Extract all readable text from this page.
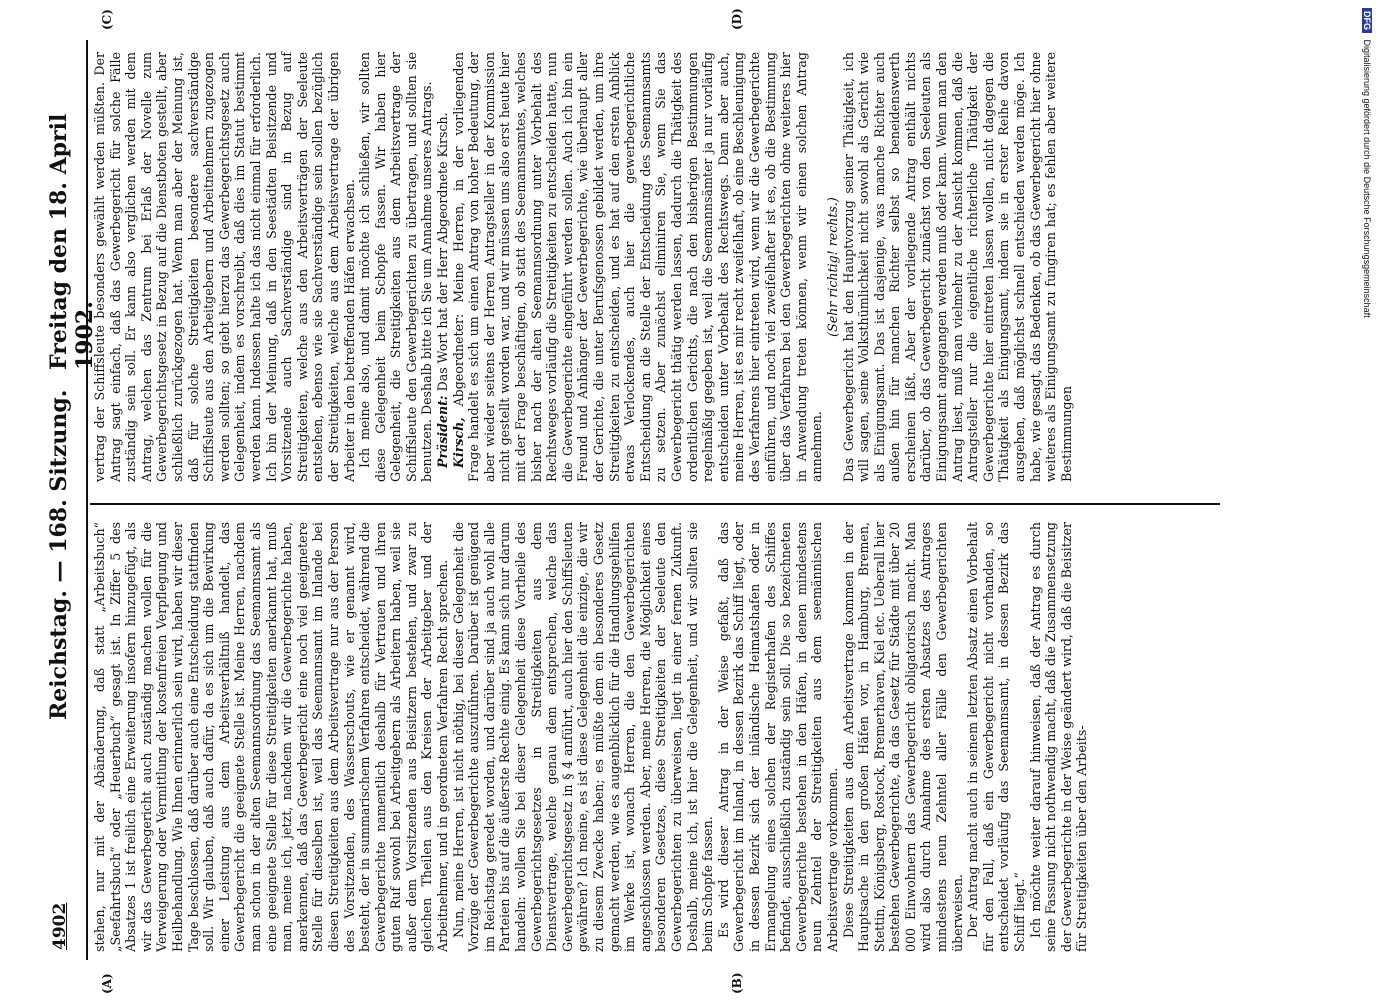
4902
Reichstag. — 168. Sitzung.
Freitag den 18. April 1902.
(A)	(B)
(C)	(D)

stehen, nur mit der Abänderung, daß statt „Arbeitsbuch“ „Seefahrtsbuch“ oder „Heuerbuch“ gesagt ist. In Ziffer 5 des Absatzes 1 ist freilich eine Erweiterung insofern hinzugefügt, als wir das Gewerbegericht auch zuständig machen wollen für die Verweigerung oder Vermittlung der kostenfreien Verpflegung und Heilbehandlung. Wie Ihnen erinnerlich sein wird, haben wir dieser Tage beschlossen, daß darüber auch eine Entscheidung stattfinden soll. Wir glauben, daß auch dafür, da es sich um die Bewirkung einer Leistung aus dem Arbeitsverhältniß handelt, das Gewerbegericht die geeignete Stelle ist. Meine Herren, nachdem man schon in der alten Seemannsordnung das Seemannsamt als eine geeignete Stelle für diese Streitigkeiten anerkannt hat, muß man, meine ich, jetzt, nachdem wir die Gewerbegerichte haben, anerkennen, daß das Gewerbegericht eine noch viel geeignetere Stelle für dieselben ist, weil das Seemannsamt im Inlande bei diesen Streitigkeiten aus dem Arbeitsvertrage nur aus der Person des Vorsitzenden, des Wasserschouts, wie er genannt wird, besteht, der in summarischem Verfahren entscheidet, während die Gewerbegerichte namentlich deshalb für Vertrauen und ihren guten Ruf sowohl bei Arbeitgebern als Arbeitern haben, weil sie außer dem Vorsitzenden aus Beisitzern bestehen, und zwar zu gleichen Theilen aus den Kreisen der Arbeitgeber und der Arbeitnehmer, und in geordnetem Verfahren Recht sprechen. Nun, meine Herren, ist nicht nöthig, bei dieser Gelegenheit die Vorzüge der Gewerbegerichte auszuführen. Darüber ist genügend im Reichstag geredet worden, und darüber sind ja auch wohl alle Parteien bis auf die äußerste Rechte einig. Es kann sich nur darum handeln: wollen Sie bei dieser Gelegenheit diese Vortheile des Gewerbegerichtsgesetzes in Streitigkeiten aus dem Dienstvertrage, welche genau dem entsprechen, welche das Gewerbegerichtsgesetz in § 4 anführt, auch hier den Schiffsleuten gewähren? Ich meine, es ist diese Gelegenheit die einzige, die wir zu diesem Zwecke haben; es müßte dem ein besonderes Gesetz gemacht werden, wie es augenblicklich für die Handlungsgehilfen im Werke ist, wonach Herren, die den Gewerbegerichten angeschlossen werden. Aber, meine Herren, die Möglichkeit eines besonderen Gesetzes, diese Streitigkeiten der Seeleute den Gewerbegerichten zu überweisen, liegt in einer fernen Zukunft. Deshalb, meine ich, ist hier die Gelegenheit, und wir sollten sie beim Schopfe fassen. Es wird dieser Antrag in der Weise gefaßt, daß das Gewerbegericht im Inland, in dessen Bezirk das Schiff liegt, oder in dessen Bezirk sich der inländische Heimatshafen oder in Ermangelung eines solchen der Registerhafen des Schiffes befindet, ausschließlich zuständig sein soll. Die so bezeichneten Gewerbegerichte bestehen in den Häfen, in denen mindestens neun Zehntel der Streitigkeiten aus dem seemännischen Arbeitsvertrage vorkommen. Diese Streitigkeiten aus dem Arbeitsvertrage kommen in der Hauptsache in den großen Häfen vor, in Hamburg, Bremen, Stettin, Königsberg, Rostock, Bremerhaven, Kiel etc. Ueberall hier bestehen Gewerbegerichte, da das Gesetz für Städte mit über 20 000 Einwohnern das Gewerbegericht obligatorisch macht. Man wird also durch Annahme des ersten Absatzes des Antrages mindestens neun Zehntel aller Fälle den Gewerbegerichten überweisen. Der Antrag macht auch in seinem letzten Absatz einen Vorbehalt für den Fall, daß ein Gewerbegericht nicht vorhanden, so entscheidet vorläufig das Seemannsamt, in dessen Bezirk das Schiff liegt.“ Ich möchte weiter darauf hinweisen, daß der Antrag es durch seine Fassung nicht nothwendig macht, daß die Zusammensetzung der Gewerbegerichte in der Weise geändert wird, daß die Beisitzer für Streitigkeiten über den Arbeits-

vertrag der Schiffsleute besonders gewählt werden müßten. Der Antrag sagt einfach, daß das Gewerbegericht für solche Fälle zuständig sein soll. Er kann also verglichen werden mit dem Antrag, welchen das Zentrum bei Erlaß der Novelle zum Gewerbegerichtsgesetz in Bezug auf die Dienstboten gestellt, aber schließlich zurückgezogen hat. Wenn man aber der Meinung ist, daß für solche Streitigkeiten besondere sachverständige Schiffsleute aus den Arbeitgebern und Arbeitnehmern zugezogen werden sollten; so giebt hierzu das Gewerbegerichtsgesetz auch Gelegenheit, indem es vorschreibt, daß dies im Statut bestimmt werden kann. Indessen halte ich das nicht einmal für erforderlich. Ich bin der Meinung, daß in den Seestädten Beisitzende und Vorsitzende auch Sachverständige sind in Bezug auf Streitigkeiten, welche aus den Arbeitsverträgen der Seeleute entstehen, ebenso wie sie Sachverständige sein sollen bezüglich der Streitigkeiten, welche aus dem Arbeitsvertrage der übrigen Arbeiter in den betreffenden Häfen erwachsen. Ich meine also, und damit möchte ich schließen, wir sollten diese Gelegenheit beim Schopfe fassen. Wir haben hier Gelegenheit, die Streitigkeiten aus dem Arbeitsvertrage der Schiffsleute den Gewerbegerichten zu übertragen, und sollten sie benutzen. Deshalb bitte ich Sie um Annahme unseres Antrags. Präsident: Das Wort hat der Herr Abgeordnete Kirsch.

Kirsch, Abgeordneter: Meine Herren, in der vorliegenden Frage handelt es sich um einen Antrag von hoher Bedeutung, der aber wieder seitens der Herren Antragsteller in der Kommission nicht gestellt worden war, und wir müssen uns also erst heute hier mit der Frage beschäftigen, ob statt des Seemannsamtes, welches bisher nach der alten Seemannsordnung unter Vorbehalt des Rechtsweges vorläufig die Streitigkeiten zu entscheiden hatte, nun die Gewerbegerichte eingeführt werden sollen. Auch ich bin ein Freund und Anhänger der Gewerbegerichte, wie überhaupt aller der Gerichte, die unter Berufsgenossen gebildet werden, um ihre Streitigkeiten zu entscheiden, und es hat auf den ersten Anblick etwas Verlockendes, auch hier die gewerbegerichtliche Entscheidung an die Stelle der Entscheidung des Seemannsamts zu setzen. Aber zunächst eliminiren Sie, wenn Sie das Gewerbegericht thätig werden lassen, dadurch die Thätigkeit des ordentlichen Gerichts, die nach den bisherigen Bestimmungen regelmäßig gegeben ist, weil die Seemannsämter ja nur vorläufig entscheiden unter Vorbehalt des Rechtswegs. Dann aber auch, meine Herren, ist es mir recht zweifelhaft, ob eine Beschleunigung des Verfahrens hier eintreten wird, wenn wir die Gewerbegerichte einführen, und noch viel zweifelhafter ist es, ob die Bestimmung über das Verfahren bei den Gewerbegerichten ohne weiteres hier in Anwendung treten können, wenn wir einen solchen Antrag annehmen.

(Sehr richtig! rechts.) Das Gewerbegericht hat den Hauptvorzug seiner Thätigkeit, ich will sagen, seine Volksthümlichkeit nicht sowohl als Gericht wie als Einigungsamt. Das ist dasjenige, was manche Richter auch außen hin für manchen Richter selbst so beneidenswerth erscheinen läßt. Aber der vorliegende Antrag enthält nichts darüber, ob das Gewerbegericht zunächst von den Seeleuten als Einigungsamt angegangen werden muß oder kann. Wenn man den Antrag liest, muß man vielmehr zu der Ansicht kommen, daß die Antragsteller nur die eigentliche richterliche Thätigkeit der Gewerbegerichte hier eintreten lassen wollen, nicht dagegen die Thätigkeit als Einigungsamt, indem sie in erster Reihe davon ausgehen, daß möglichst schnell entschieden werden möge. Ich habe, wie gesagt, das Bedenken, ob das Gewerbegericht hier ohne weiteres als Einigungsamt zu fungiren hat; es fehlen aber weitere Bestimmungen

DFG Digitalisierung gefördert durch die Deutsche Forschungsgemeinschaft
